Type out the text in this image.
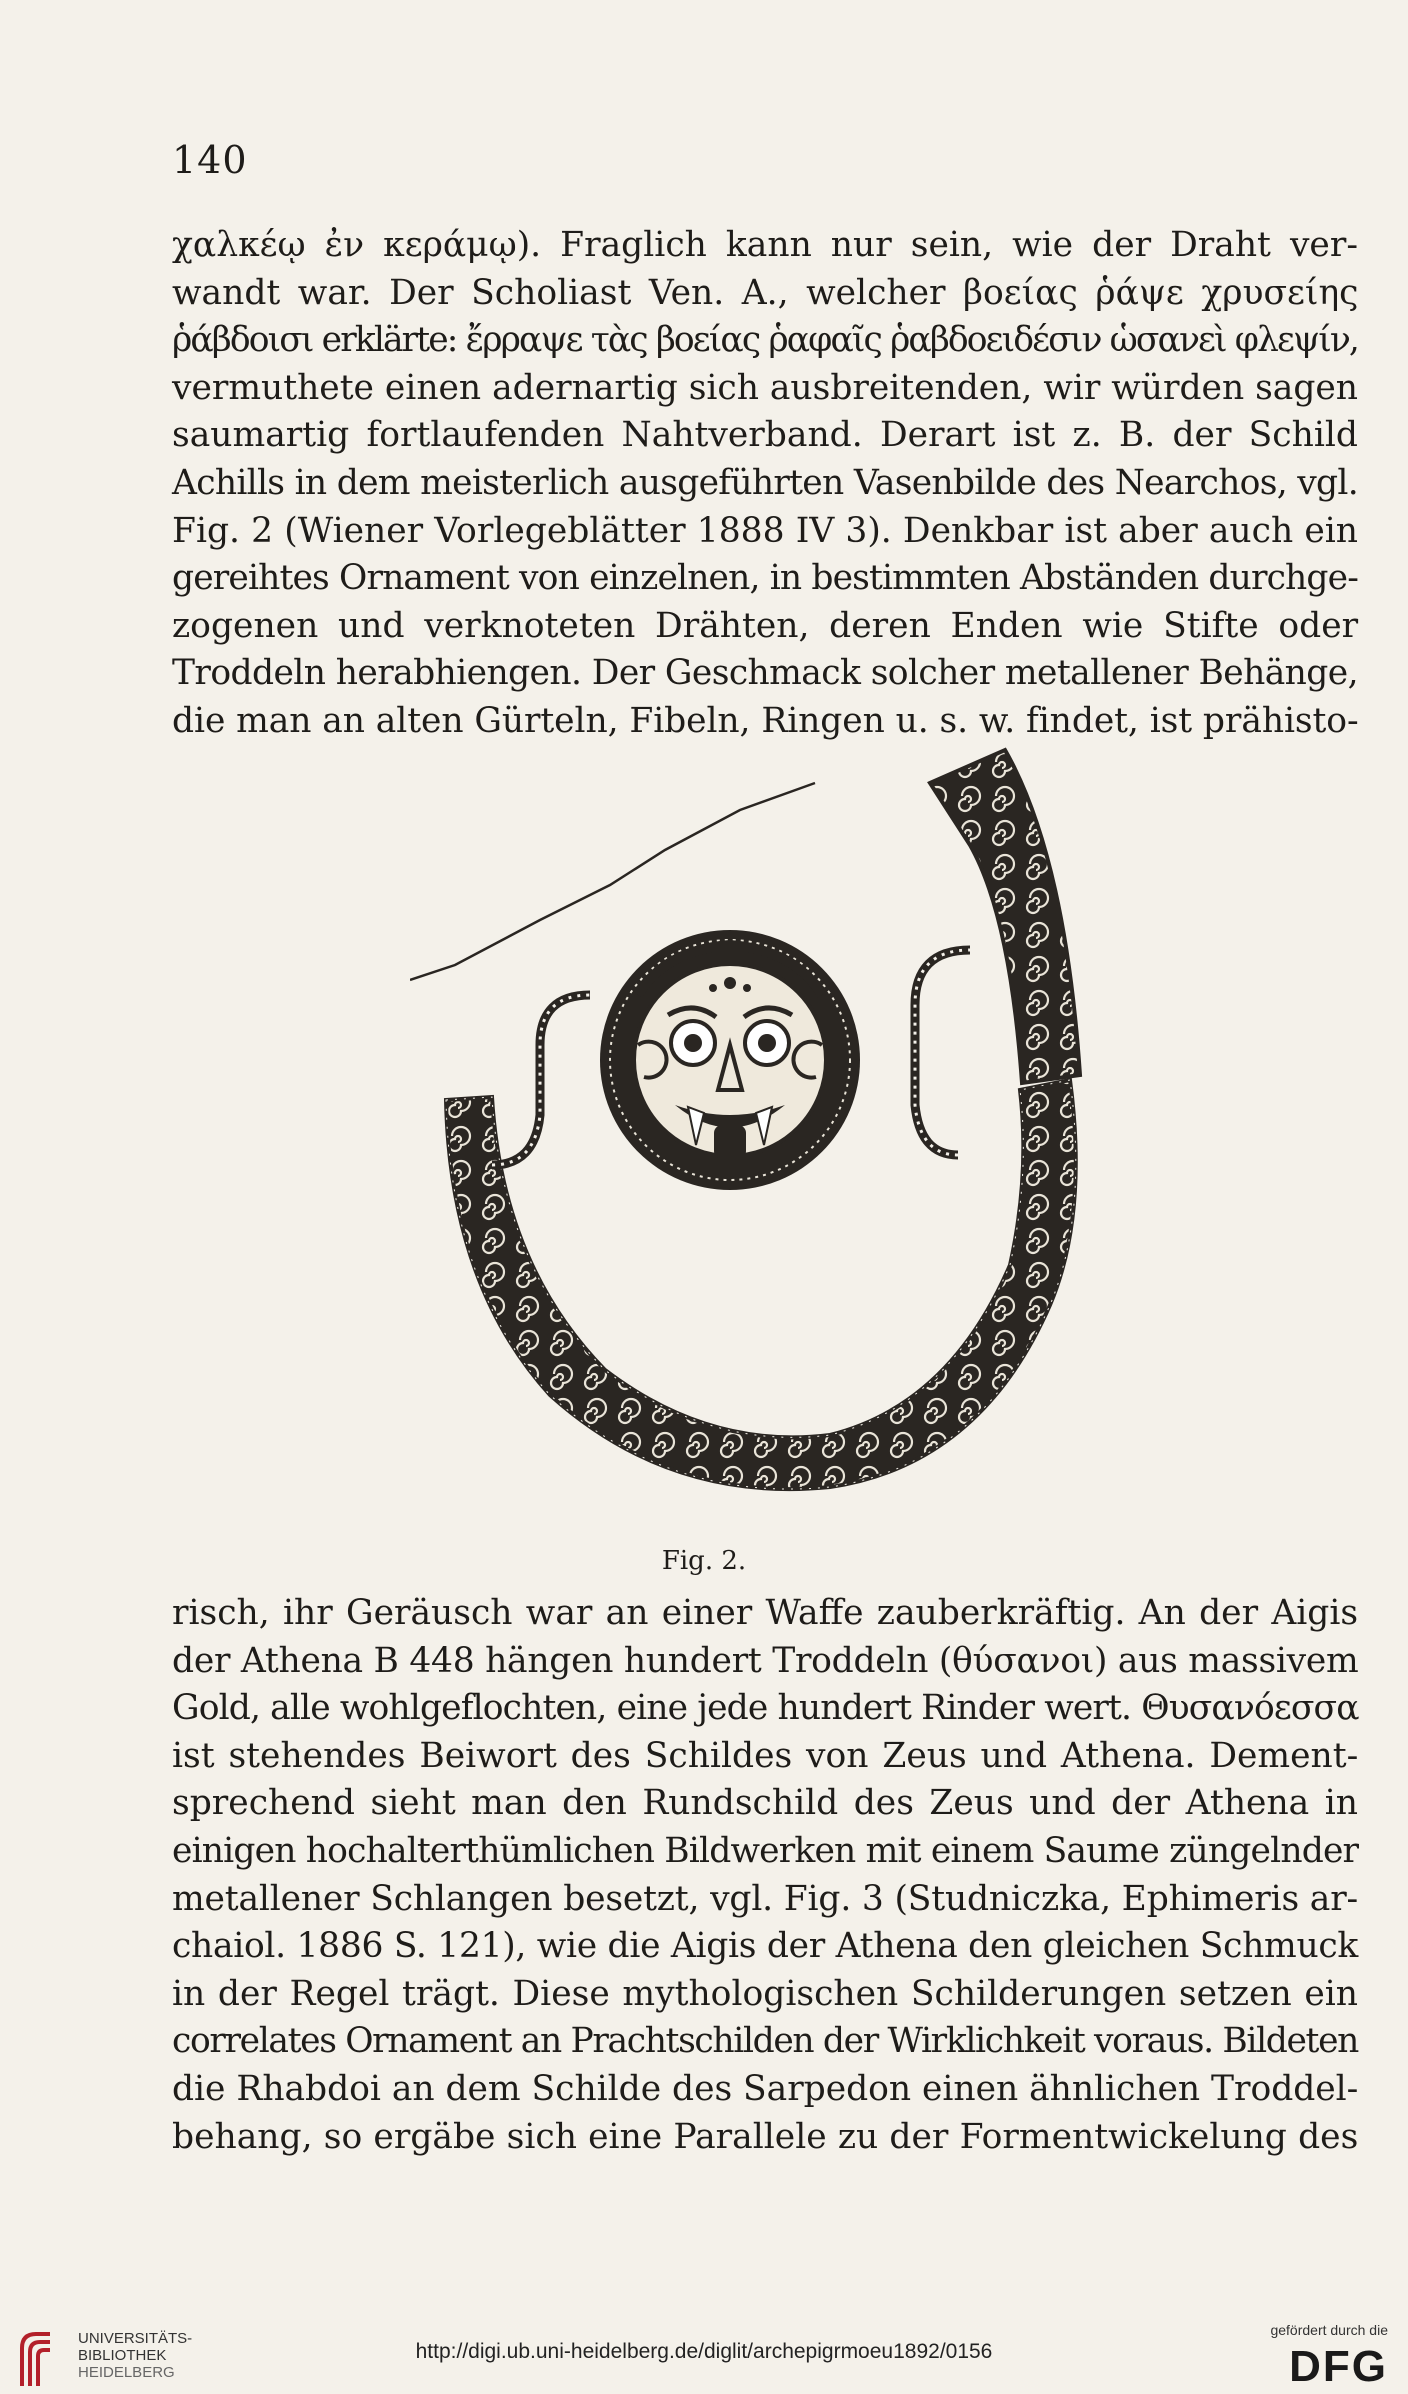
140
χαλκέῳ ἐν κεράμῳ). Fraglich kann nur sein, wie der Draht ver-
wandt war. Der Scholiast Ven. A., welcher βοείας ῥάψε χρυσείης
ῥάβδοισι erklärte: ἔρραψε τὰς βοείας ῥαφαῖς ῥαβδοειδέσιν ὡσανεὶ φλεψίν,
vermuthete einen adernartig sich ausbreitenden, wir würden sagen
saumartig fortlaufenden Nahtverband. Derart ist z. B. der Schild
Achills in dem meisterlich ausgeführten Vasenbilde des Nearchos, vgl.
Fig. 2 (Wiener Vorlegeblätter 1888 IV 3). Denkbar ist aber auch ein
gereihtes Ornament von einzelnen, in bestimmten Abständen durchge-
zogenen und verknoteten Drähten, deren Enden wie Stifte oder
Troddeln herabhiengen. Der Geschmack solcher metallener Behänge,
die man an alten Gürteln, Fibeln, Ringen u. s. w. findet, ist prähisto-
Fig. 2.
risch, ihr Geräusch war an einer Waffe zauberkräftig. An der Aigis
der Athena B 448 hängen hundert Troddeln (θύσανοι) aus massivem
Gold, alle wohlgeflochten, eine jede hundert Rinder wert. Θυσανόεσσα
ist stehendes Beiwort des Schildes von Zeus und Athena. Dement-
sprechend sieht man den Rundschild des Zeus und der Athena in
einigen hochalterthümlichen Bildwerken mit einem Saume züngelnder
metallener Schlangen besetzt, vgl. Fig. 3 (Studniczka, Ephimeris ar-
chaiol. 1886 S. 121), wie die Aigis der Athena den gleichen Schmuck
in der Regel trägt. Diese mythologischen Schilderungen setzen ein
correlates Ornament an Prachtschilden der Wirklichkeit voraus. Bildeten
die Rhabdoi an dem Schilde des Sarpedon einen ähnlichen Troddel-
behang, so ergäbe sich eine Parallele zu der Formentwickelung des
UNIVERSITÄTS-
BIBLIOTHEK
HEIDELBERG
http://digi.ub.uni-heidelberg.de/diglit/archepigrmoeu1892/0156
gefördert durch die
DFG
